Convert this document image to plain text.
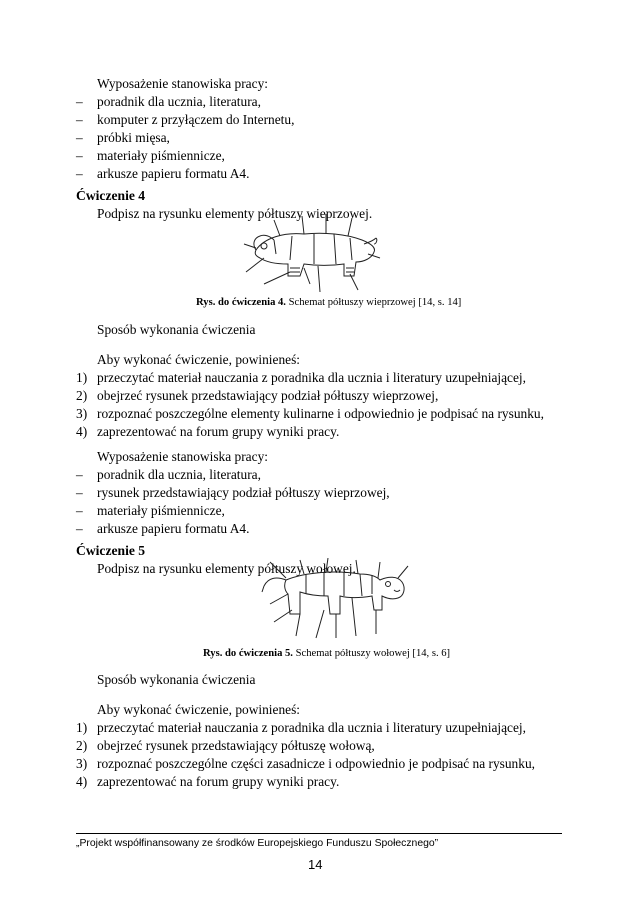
Wyposażenie stanowiska pracy:
– poradnik dla ucznia, literatura,
– komputer z przyłączem do Internetu,
– próbki mięsa,
– materiały piśmiennicze,
– arkusze papieru formatu A4.
Ćwiczenie 4
Podpisz na rysunku elementy półtuszy wieprzowej.
Rys. do ćwiczenia 4. Schemat półtuszy wieprzowej [14, s. 14]
Sposób wykonania ćwiczenia
Aby wykonać ćwiczenie, powinieneś:
1) przeczytać materiał nauczania z poradnika dla ucznia i literatury uzupełniającej,
2) obejrzeć rysunek przedstawiający podział półtuszy wieprzowej,
3) rozpoznać poszczególne elementy kulinarne i odpowiednio je podpisać na rysunku,
4) zaprezentować na forum grupy wyniki pracy.
Wyposażenie stanowiska pracy:
– poradnik dla ucznia, literatura,
– rysunek przedstawiający podział półtuszy wieprzowej,
– materiały piśmiennicze,
– arkusze papieru formatu A4.
Ćwiczenie 5
Podpisz na rysunku elementy półtuszy wołowej.
Rys. do ćwiczenia 5. Schemat półtuszy wołowej [14, s. 6]
Sposób wykonania ćwiczenia
Aby wykonać ćwiczenie, powinieneś:
1) przeczytać materiał nauczania z poradnika dla ucznia i literatury uzupełniającej,
2) obejrzeć rysunek przedstawiający półtuszę wołową,
3) rozpoznać poszczególne części zasadnicze i odpowiednio je podpisać na rysunku,
4) zaprezentować na forum grupy wyniki pracy.
„Projekt współfinansowany ze środków Europejskiego Funduszu Społecznego”
14
